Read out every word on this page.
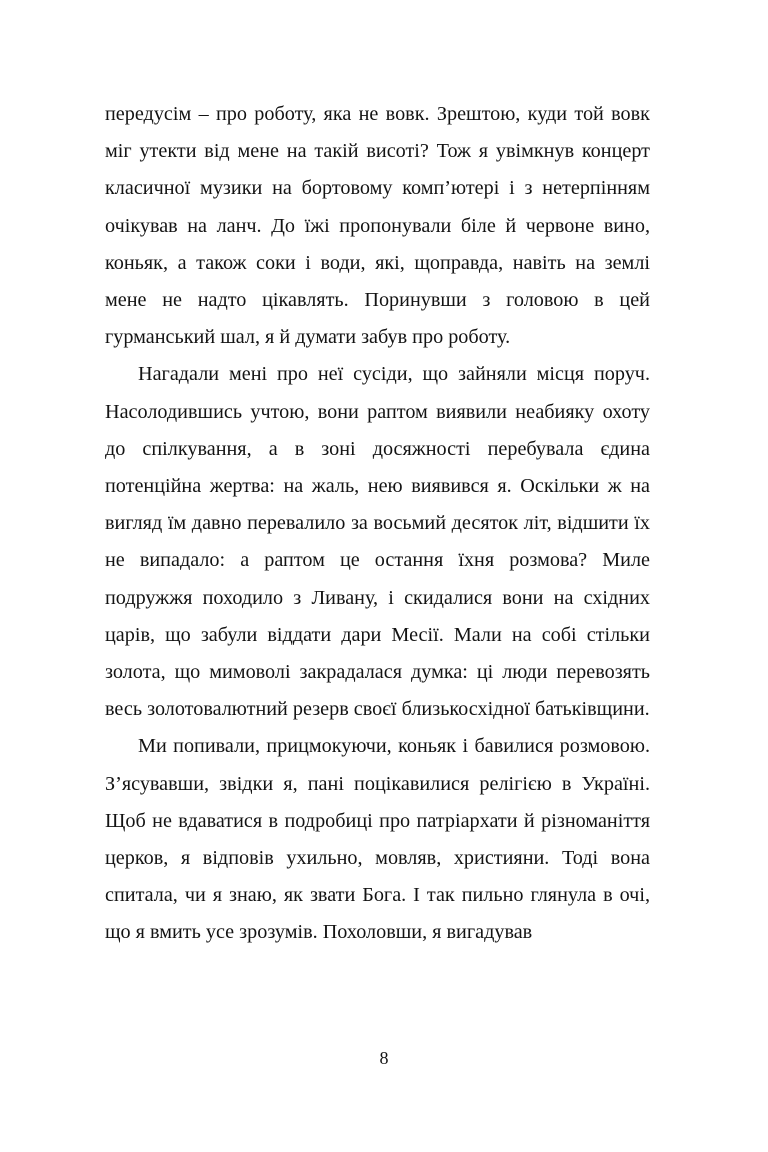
передусім – про роботу, яка не вовк. Зрештою, куди той вовк міг утекти від мене на такій висоті? Тож я увімкнув концерт класичної музики на бортовому комп’ютері і з нетерпінням очікував на ланч. До їжі пропонували біле й червоне вино, коньяк, а також соки і води, які, щоправда, навіть на землі мене не надто цікавлять. Поринувши з головою в цей гурманський шал, я й думати забув про роботу.

Нагадали мені про неї сусіди, що зайняли місця поруч. Насолодившись учтою, вони раптом виявили неабияку охоту до спілкування, а в зоні досяжності перебувала єдина потенційна жертва: на жаль, нею виявився я. Оскільки ж на вигляд їм давно перевалило за восьмий десяток літ, відшити їх не випадало: а раптом це остання їхня розмова? Миле подружжя походило з Ливану, і скидалися вони на східних царів, що забули віддати дари Месії. Мали на собі стільки золота, що мимоволі закрадалася думка: ці люди перевозять весь золотовалютний резерв своєї близькосхідної батьківщини.

Ми попивали, прицмокуючи, коньяк і бавилися розмовою. З’ясувавши, звідки я, пані поцікавилися релігією в Україні. Щоб не вдаватися в подробиці про патріархати й різноманіття церков, я відповів ухильно, мовляв, християни. Тоді вона спитала, чи я знаю, як звати Бога. І так пильно глянула в очі, що я вмить усе зрозумів. Похоловши, я вигадував

8
